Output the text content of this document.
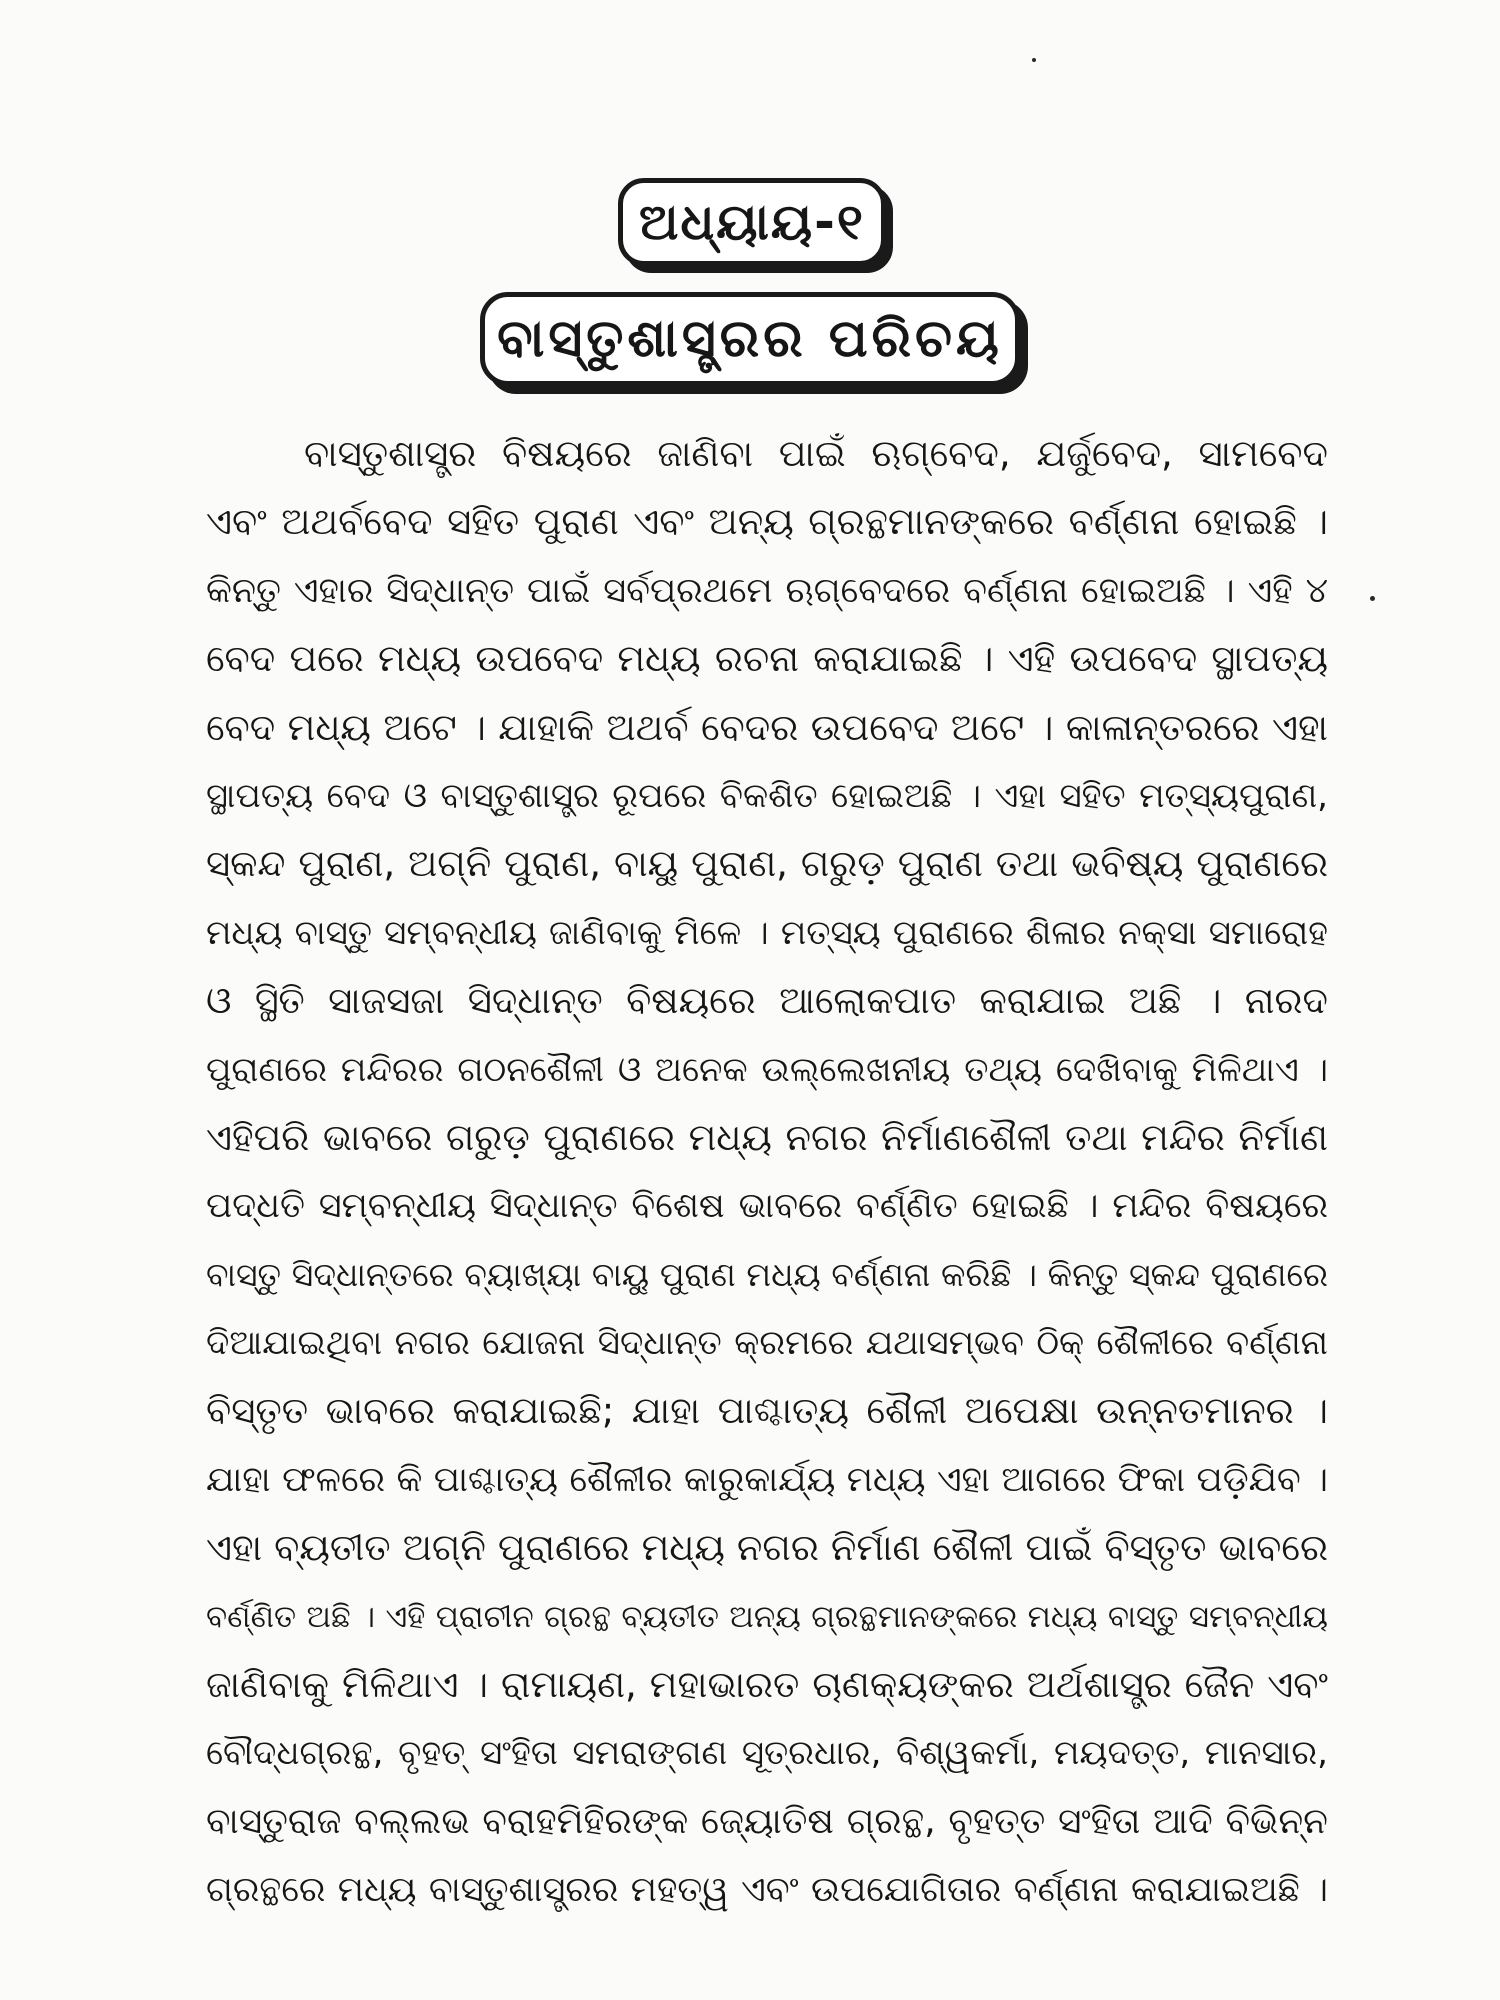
ଅଧ୍ୟାୟ-୧
ବାସ୍ତୁଶାସ୍ତ୍ରର ପରିଚୟ
ବାସ୍ତୁଶାସ୍ତ୍ର ବିଷୟରେ ଜାଣିବା ପାଇଁ ଋଗ୍‌ବେଦ, ଯର୍ଜୁବେଦ, ସାମବେଦ
ଏବଂ ଅଥର୍ବବେଦ ସହିତ ପୁରାଣ ଏବଂ ଅନ୍ୟ ଗ୍ରନ୍ଥମାନଙ୍କରେ ବର୍ଣ୍ଣନା ହୋଇଛି ।
କିନ୍ତୁ ଏହାର ସିଦ୍ଧାନ୍ତ ପାଇଁ ସର୍ବପ୍ରଥମେ ଋଗ୍‌ବେଦରେ ବର୍ଣ୍ଣନା ହୋଇଅଛି । ଏହି ୪
ବେଦ ପରେ ମଧ୍ୟ ଉପବେଦ ମଧ୍ୟ ରଚନା କରାଯାଇଛି । ଏହି ଉପବେଦ ସ୍ଥାପତ୍ୟ
ବେଦ ମଧ୍ୟ ଅଟେ । ଯାହାକି ଅଥର୍ବ ବେଦର ଉପବେଦ ଅଟେ । କାଳାନ୍ତରରେ ଏହା
ସ୍ଥାପତ୍ୟ ବେଦ ଓ ବାସ୍ତୁଶାସ୍ତ୍ର ରୂପରେ ବିକଶିତ ହୋଇଅଛି । ଏହା ସହିତ ମତ୍ସ୍ୟପୁରାଣ,
ସ୍କନ୍ଦ ପୁରାଣ, ଅଗ୍ନି ପୁରାଣ, ବାୟୁ ପୁରାଣ, ଗରୁଡ଼ ପୁରାଣ ତଥା ଭବିଷ୍ୟ ପୁରାଣରେ
ମଧ୍ୟ ବାସ୍ତୁ ସମ୍ବନ୍ଧୀୟ ଜାଣିବାକୁ ମିଳେ । ମତ୍ସ୍ୟ ପୁରାଣରେ ଶିଳାର ନକ୍‌ସା ସମାରୋହ
ଓ ସ୍ଥିତି ସାଜସଜା ସିଦ୍ଧାନ୍ତ ବିଷୟରେ ଆଲୋକପାତ କରାଯାଇ ଅଛି । ନାରଦ
ପୁରାଣରେ ମନ୍ଦିରର ଗଠନଶୈଳୀ ଓ ଅନେକ ଉଲ୍ଲେଖନୀୟ ତଥ୍ୟ ଦେଖିବାକୁ ମିଳିଥାଏ ।
ଏହିପରି ଭାବରେ ଗରୁଡ଼ ପୁରାଣରେ ମଧ୍ୟ ନଗର ନିର୍ମାଣଶୈଳୀ ତଥା ମନ୍ଦିର ନିର୍ମାଣ
ପଦ୍ଧତି ସମ୍ବନ୍ଧୀୟ ସିଦ୍ଧାନ୍ତ ବିଶେଷ ଭାବରେ ବର୍ଣ୍ଣିତ ହୋଇଛି । ମନ୍ଦିର ବିଷୟରେ
ବାସ୍ତୁ ସିଦ୍ଧାନ୍ତରେ ବ୍ୟାଖ୍ୟା ବାୟୁ ପୁରାଣ ମଧ୍ୟ ବର୍ଣ୍ଣନା କରିଛି । କିନ୍ତୁ ସ୍କନ୍ଦ ପୁରାଣରେ
ଦିଆଯାଇଥିବା ନଗର ଯୋଜନା ସିଦ୍ଧାନ୍ତ କ୍ରମରେ ଯଥାସମ୍ଭବ ଠିକ୍ ଶୈଳୀରେ ବର୍ଣ୍ଣନା
ବିସ୍ତୃତ ଭାବରେ କରାଯାଇଛି; ଯାହା ପାଶ୍ଚାତ୍ୟ ଶୈଳୀ ଅପେକ୍ଷା ଉନ୍ନତମାନର ।
ଯାହା ଫଳରେ କି ପାଶ୍ଚାତ୍ୟ ଶୈଳୀର କାରୁକାର୍ଯ୍ୟ ମଧ୍ୟ ଏହା ଆଗରେ ଫିକା ପଡ଼ିଯିବ ।
ଏହା ବ୍ୟତୀତ ଅଗ୍ନି ପୁରାଣରେ ମଧ୍ୟ ନଗର ନିର୍ମାଣ ଶୈଳୀ ପାଇଁ ବିସ୍ତୃତ ଭାବରେ
ବର୍ଣ୍ଣିତ ଅଛି । ଏହି ପ୍ରାଚୀନ ଗ୍ରନ୍ଥ ବ୍ୟତୀତ ଅନ୍ୟ ଗ୍ରନ୍ଥମାନଙ୍କରେ ମଧ୍ୟ ବାସ୍ତୁ ସମ୍ବନ୍ଧୀୟ
ଜାଣିବାକୁ ମିଳିଥାଏ । ରାମାୟଣ, ମହାଭାରତ ଚାଣକ୍ୟଙ୍କର ଅର୍ଥଶାସ୍ତ୍ର ଜୈନ ଏବଂ
ବୌଦ୍ଧଗ୍ରନ୍ଥ, ବୃହତ୍ ସଂହିତା ସମରାଙ୍ଗଣ ସୂତ୍ରଧାର, ବିଶ୍ୱକର୍ମା, ମୟଦତ୍ତ, ମାନସାର,
ବାସ୍ତୁରାଜ ବଲ୍ଲଭ ବରାହମିହିରଙ୍କ ଜ୍ୟୋତିଷ ଗ୍ରନ୍ଥ, ବୃହତ୍ତ ସଂହିତା ଆଦି ବିଭିନ୍ନ
ଗ୍ରନ୍ଥରେ ମଧ୍ୟ ବାସ୍ତୁଶାସ୍ତ୍ରର ମହତ୍ୱ ଏବଂ ଉପଯୋଗିତାର ବର୍ଣ୍ଣନା କରାଯାଇଅଛି ।
